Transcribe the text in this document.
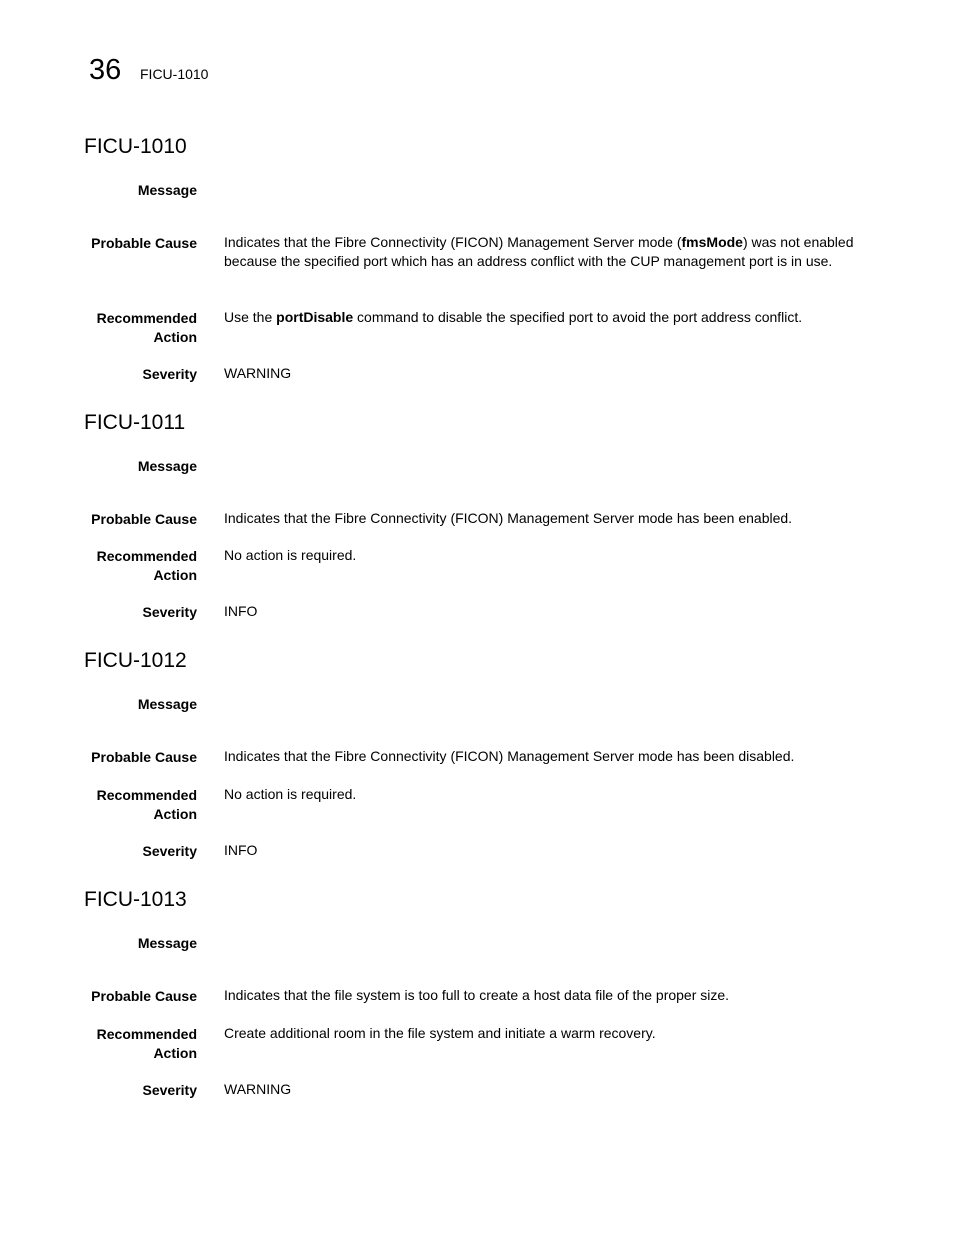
36 FICU-1010
FICU-1010
Message
Probable Cause Indicates that the Fibre Connectivity (FICON) Management Server mode (fmsMode) was not enabled because the specified port which has an address conflict with the CUP management port is in use.
Recommended
Action
Use the portDisable command to disable the specified port to avoid the port address conflict.
Severity WARNING
FICU-1011
Message
Probable Cause Indicates that the Fibre Connectivity (FICON) Management Server mode has been enabled.
Recommended
Action
No action is required.
Severity INFO
FICU-1012
Message
Probable Cause Indicates that the Fibre Connectivity (FICON) Management Server mode has been disabled.
Recommended
Action
No action is required.
Severity INFO
FICU-1013
Message
Probable Cause Indicates that the file system is too full to create a host data file of the proper size.
Recommended
Action
Create additional room in the file system and initiate a warm recovery.
Severity WARNING
